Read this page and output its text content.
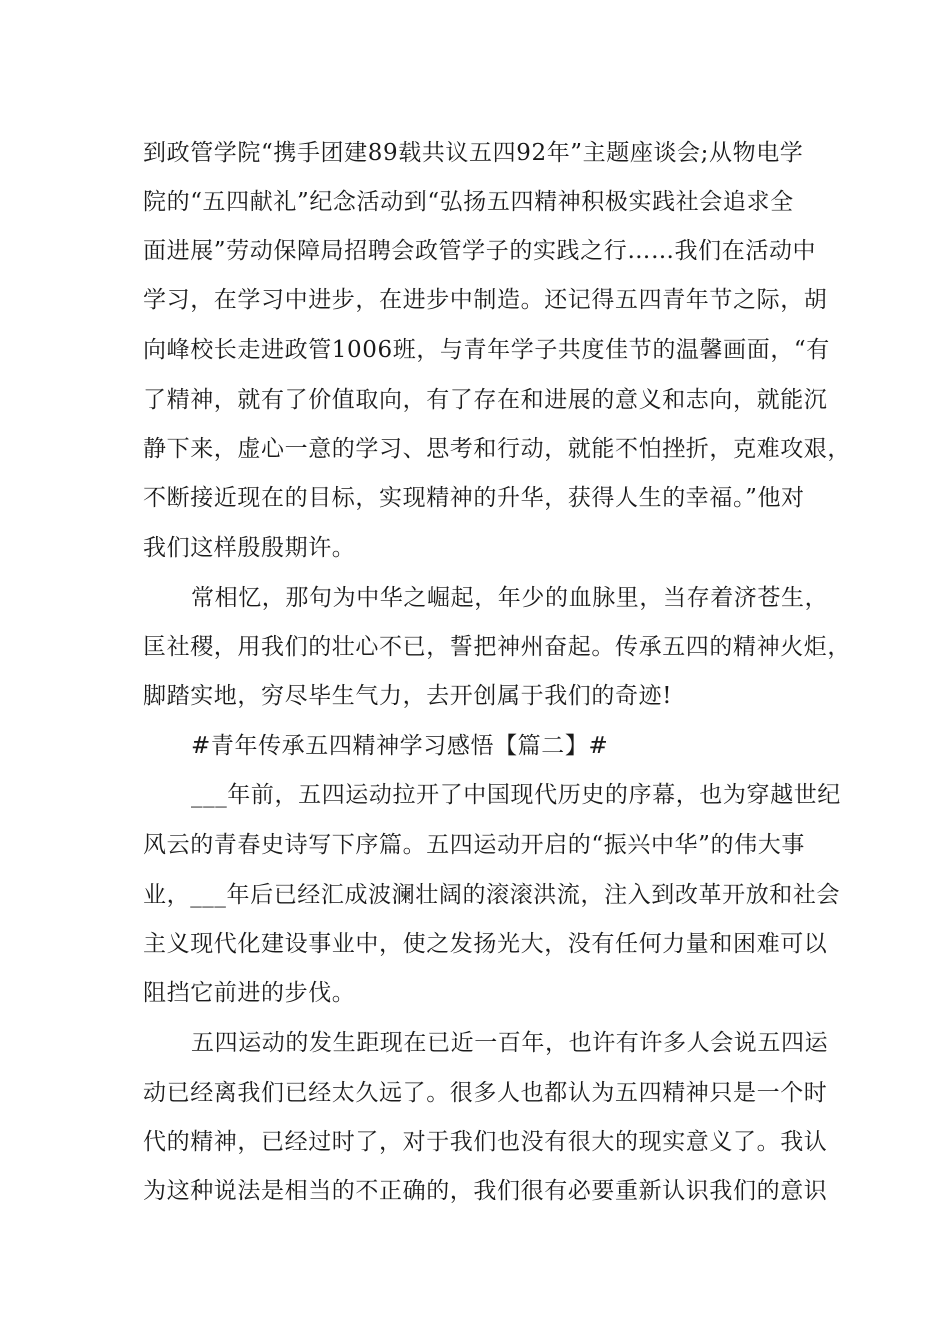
到政管学院“携手团建89载共议五四92年”主题座谈会;从物电学
院的“五四献礼”纪念活动到“弘扬五四精神积极实践社会追求全
面进展”劳动保障局招聘会政管学子的实践之行……我们在活动中
学习，在学习中进步，在进步中制造。还记得五四青年节之际，胡
向峰校长走进政管1006班，与青年学子共度佳节的温馨画面，“有
了精神，就有了价值取向，有了存在和进展的意义和志向，就能沉
静下来，虚心一意的学习、思考和行动，就能不怕挫折，克难攻艰，
不断接近现在的目标，实现精神的升华，获得人生的幸福。”他对
我们这样殷殷期许。
常相忆，那句为中华之崛起，年少的血脉里，当存着济苍生，
匡社稷，用我们的壮心不已，誓把神州奋起。传承五四的精神火炬，
脚踏实地，穷尽毕生气力，去开创属于我们的奇迹!
#青年传承五四精神学习感悟【篇二】#
___年前，五四运动拉开了中国现代历史的序幕，也为穿越世纪
风云的青春史诗写下序篇。五四运动开启的“振兴中华”的伟大事
业，___年后已经汇成波澜壮阔的滚滚洪流，注入到改革开放和社会
主义现代化建设事业中，使之发扬光大，没有任何力量和困难可以
阻挡它前进的步伐。
五四运动的发生距现在已近一百年，也许有许多人会说五四运
动已经离我们已经太久远了。很多人也都认为五四精神只是一个时
代的精神，已经过时了，对于我们也没有很大的现实意义了。我认
为这种说法是相当的不正确的，我们很有必要重新认识我们的意识
